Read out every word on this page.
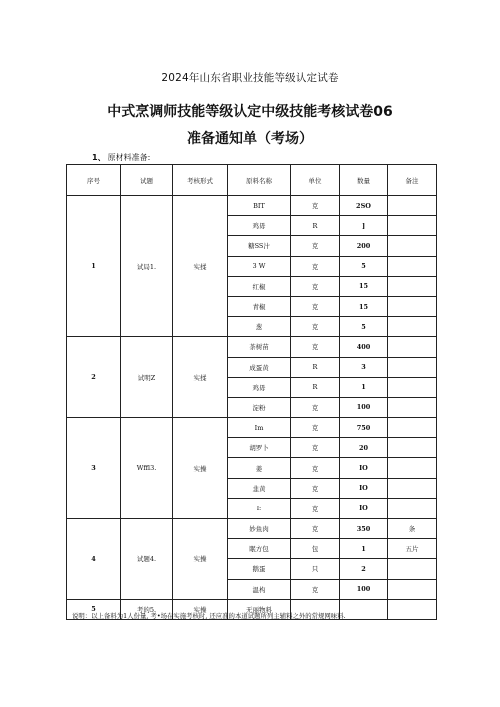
2024年山东省职业技能等级认定试卷
中式烹调师技能等级认定中级技能考核试卷06
准备通知单（考场）
1、 原材料准备:
序号	试题	考核形式	原料名称	单位	数量	备注
1	试局1.	实揉	BIT	克	2SO	
			鸡毋	R	]	
			糖SS汁	克	200	
			3 W	克	5	
			红椒	克	15	
			青椒	克	15	
			葱	克	5	
2	试明Z	实揉	茶树苗	克	400	
			成蛋黄	R	3	
			鸡毋	R	1	
			淀粉	克	100	
3	Wffl3.	实操	Im	克	750	
			胡罗卜	克	20	
			姜	克	IO	
			韭黄	克	IO	
			ɪ:	克	IO	
4	试题4.	实操	妙鱼肉	克	350	条
			眠方包	包	1	五片
			鹅蛋	只	2	
			温构	克	100	
5	考的5.	实操	无丽物料			
说明：以上备料为1人份量, 考•场在实施考核时, 还应准的本道试题所列主辅料之外的常规网味料.
